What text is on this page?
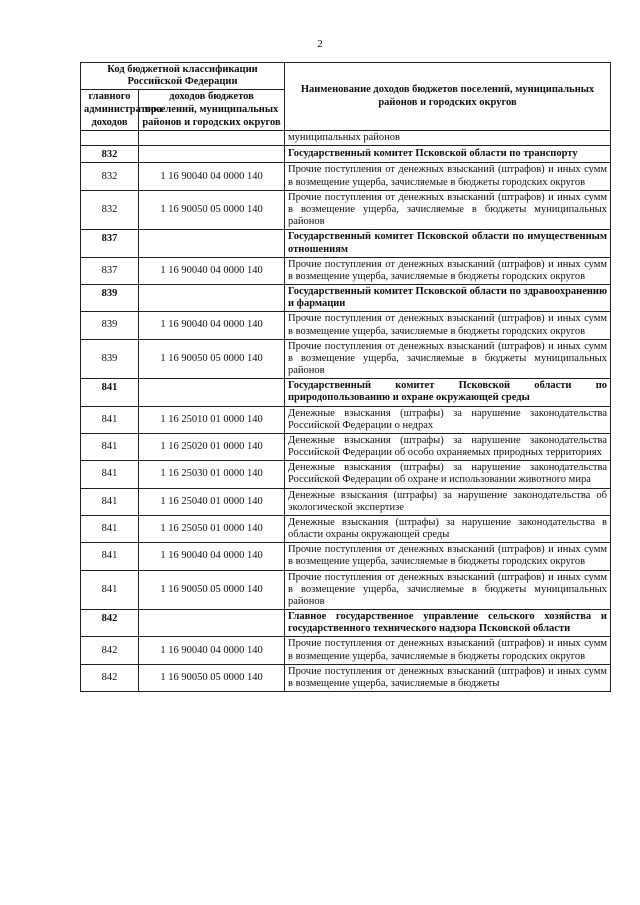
2
Код бюджетной классификации Российской Федерации		Наименование доходов бюджетов поселений, муниципальных районов и городских округов
главного администратора доходов	доходов бюджетов поселений, муниципальных районов и городских округов	
		муниципальных районов
832		Государственный комитет Псковской области по транспорту
832	1 16 90040 04 0000 140	Прочие поступления от денежных взысканий (штрафов) и иных сумм в возмещение ущерба, зачисляемые в бюджеты городских округов
832	1 16 90050 05 0000 140	Прочие поступления от денежных взысканий (штрафов) и иных сумм в возмещение ущерба, зачисляемые в бюджеты муниципальных районов
837		Государственный комитет Псковской области по имущественным отношениям
837	1 16 90040 04 0000 140	Прочие поступления от денежных взысканий (штрафов) и иных сумм в возмещение ущерба, зачисляемые в бюджеты городских округов
839		Государственный комитет Псковской области по здравоохранению и фармации
839	1 16 90040 04 0000 140	Прочие поступления от денежных взысканий (штрафов) и иных сумм в возмещение ущерба, зачисляемые в бюджеты городских округов
839	1 16 90050 05 0000 140	Прочие поступления от денежных взысканий (штрафов) и иных сумм в возмещение ущерба, зачисляемые в бюджеты муниципальных районов
841		Государственный комитет Псковской области по природопользованию и охране окружающей среды
841	1 16 25010 01 0000 140	Денежные взыскания (штрафы) за нарушение законодательства Российской Федерации о недрах
841	1 16 25020 01 0000 140	Денежные взыскания (штрафы) за нарушение законодательства Российской Федерации об особо охраняемых природных территориях
841	1 16 25030 01 0000 140	Денежные взыскания (штрафы) за нарушение законодательства Российской Федерации об охране и использовании животного мира
841	1 16 25040 01 0000 140	Денежные взыскания (штрафы) за нарушение законодательства об экологической экспертизе
841	1 16 25050 01 0000 140	Денежные взыскания (штрафы) за нарушение законодательства в области охраны окружающей среды
841	1 16 90040 04 0000 140	Прочие поступления от денежных взысканий (штрафов) и иных сумм в возмещение ущерба, зачисляемые в бюджеты городских округов
841	1 16 90050 05 0000 140	Прочие поступления от денежных взысканий (штрафов) и иных сумм в возмещение ущерба, зачисляемые в бюджеты муниципальных районов
842		Главное государственное управление сельского хозяйства и государственного технического надзора Псковской области
842	1 16 90040 04 0000 140	Прочие поступления от денежных взысканий (штрафов) и иных сумм в возмещение ущерба, зачисляемые в бюджеты городских округов
842	1 16 90050 05 0000 140	Прочие поступления от денежных взысканий (штрафов) и иных сумм в возмещение ущерба, зачисляемые в бюджеты
